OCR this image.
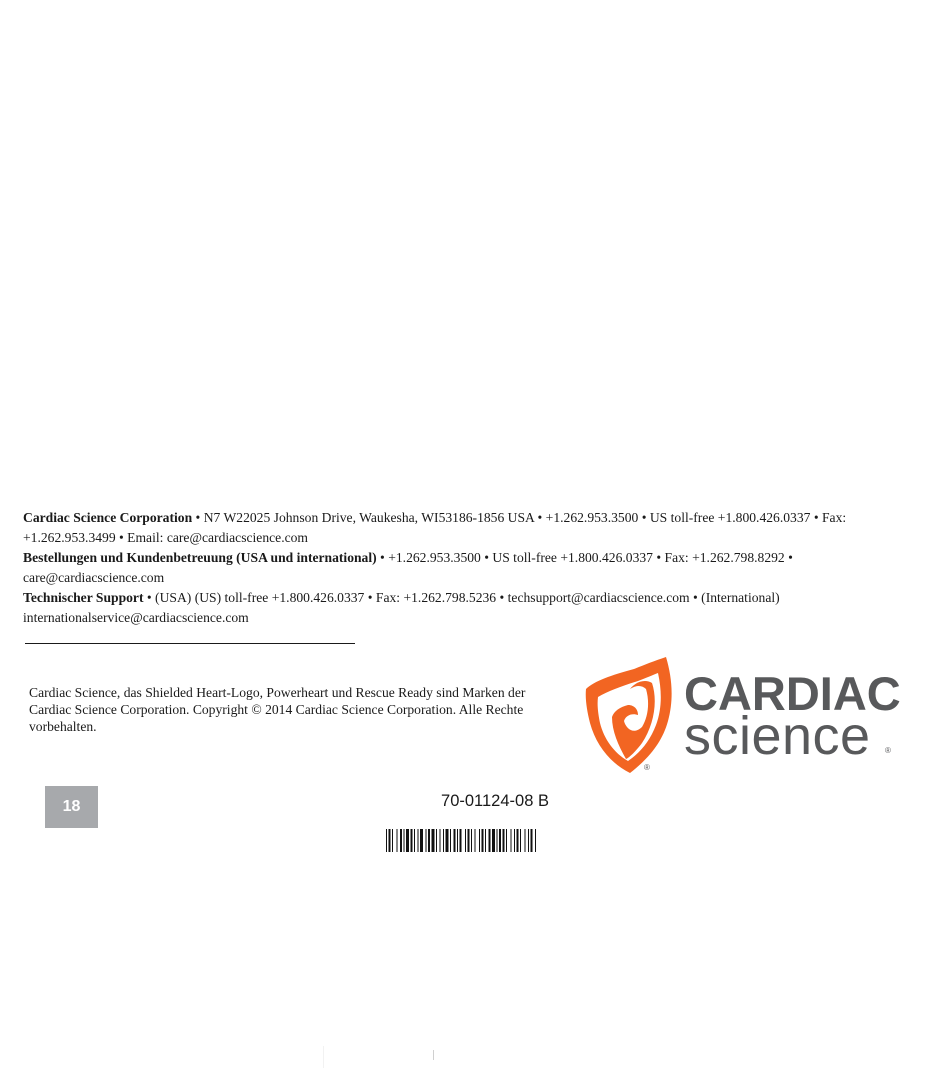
Cardiac Science Corporation • N7 W22025 Johnson Drive, Waukesha, WI53186-1856 USA • +1.262.953.3500 • US toll-free +1.800.426.0337 • Fax: +1.262.953.3499 • Email: care@cardiacscience.com

Bestellungen und Kundenbetreuung (USA und international) • +1.262.953.3500 • US toll-free +1.800.426.0337 • Fax: +1.262.798.8292 • care@cardiacscience.com

Technischer Support • (USA) (US) toll-free +1.800.426.0337 • Fax: +1.262.798.5236 • techsupport@cardiacscience.com • (International) internationalservice@cardiacscience.com

Cardiac Science, das Shielded Heart-Logo, Powerheart und Rescue Ready sind Marken der Cardiac Science Corporation. Copyright © 2014 Cardiac Science Corporation. Alle Rechte vorbehalten.
®
CARDIAC
science ®
18	70-01124-08 B
